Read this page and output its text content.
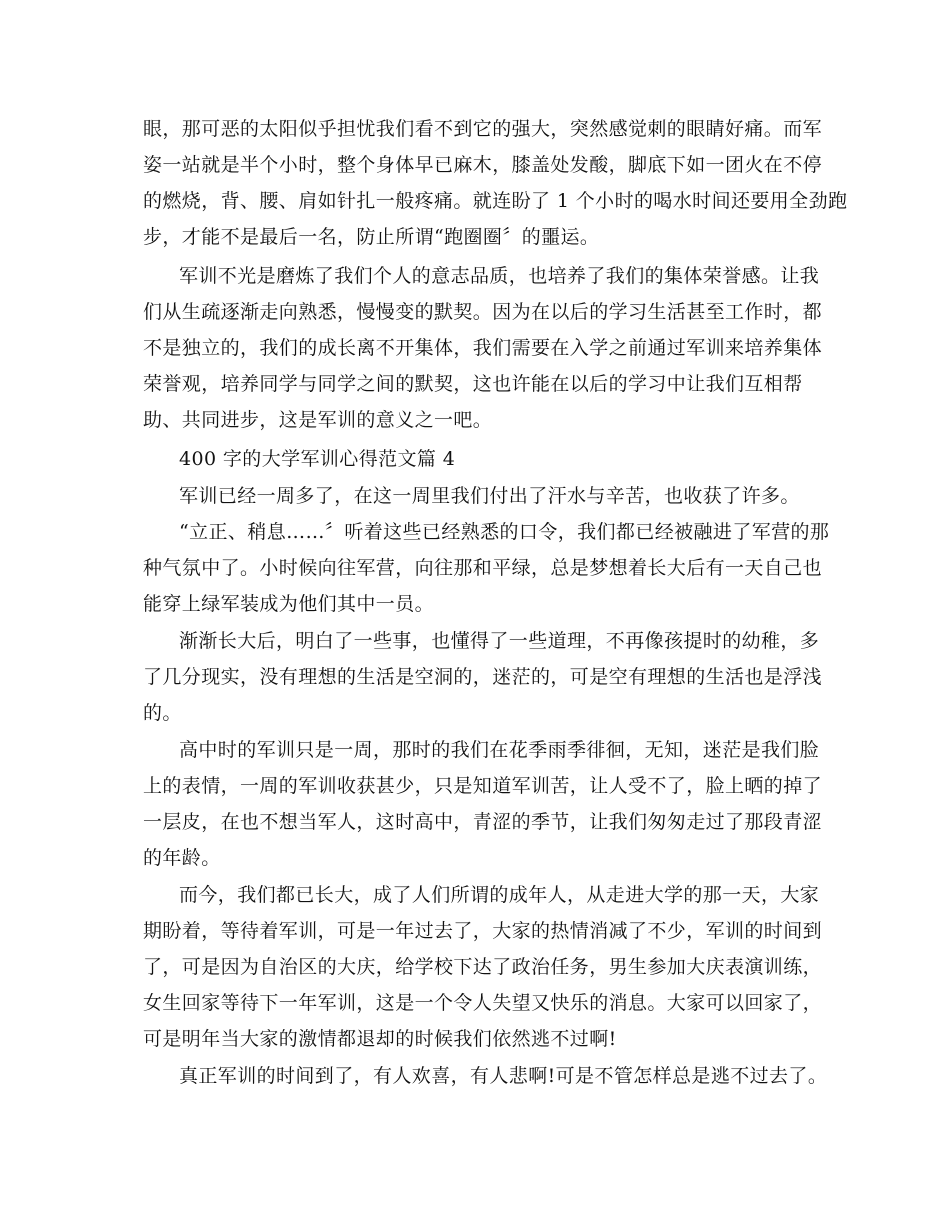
眼，那可恶的太阳似乎担忧我们看不到它的强大，突然感觉刺的眼睛好痛。而军
姿一站就是半个小时，整个身体早已麻木，膝盖处发酸，脚底下如一团火在不停
的燃烧，背、腰、肩如针扎一般疼痛。就连盼了 1 个小时的喝水时间还要用全劲跑
步，才能不是最后一名，防止所谓“跑圈圈〞的噩运。
军训不光是磨炼了我们个人的意志品质，也培养了我们的集体荣誉感。让我
们从生疏逐渐走向熟悉，慢慢变的默契。因为在以后的学习生活甚至工作时，都
不是独立的，我们的成长离不开集体，我们需要在入学之前通过军训来培养集体
荣誉观，培养同学与同学之间的默契，这也许能在以后的学习中让我们互相帮
助、共同进步，这是军训的意义之一吧。
400 字的大学军训心得范文篇 4
军训已经一周多了，在这一周里我们付出了汗水与辛苦，也收获了许多。
“立正、稍息……〞听着这些已经熟悉的口令，我们都已经被融进了军营的那
种气氛中了。小时候向往军营，向往那和平绿，总是梦想着长大后有一天自己也
能穿上绿军装成为他们其中一员。
渐渐长大后，明白了一些事，也懂得了一些道理，不再像孩提时的幼稚，多
了几分现实，没有理想的生活是空洞的，迷茫的，可是空有理想的生活也是浮浅
的。
高中时的军训只是一周，那时的我们在花季雨季徘徊，无知，迷茫是我们脸
上的表情，一周的军训收获甚少，只是知道军训苦，让人受不了，脸上晒的掉了
一层皮，在也不想当军人，这时高中，青涩的季节，让我们匆匆走过了那段青涩
的年龄。
而今，我们都已长大，成了人们所谓的成年人，从走进大学的那一天，大家
期盼着，等待着军训，可是一年过去了，大家的热情消减了不少，军训的时间到
了，可是因为自治区的大庆，给学校下达了政治任务，男生参加大庆表演训练，
女生回家等待下一年军训，这是一个令人失望又快乐的消息。大家可以回家了，
可是明年当大家的激情都退却的时候我们依然逃不过啊!
真正军训的时间到了，有人欢喜，有人悲啊!可是不管怎样总是逃不过去了。
